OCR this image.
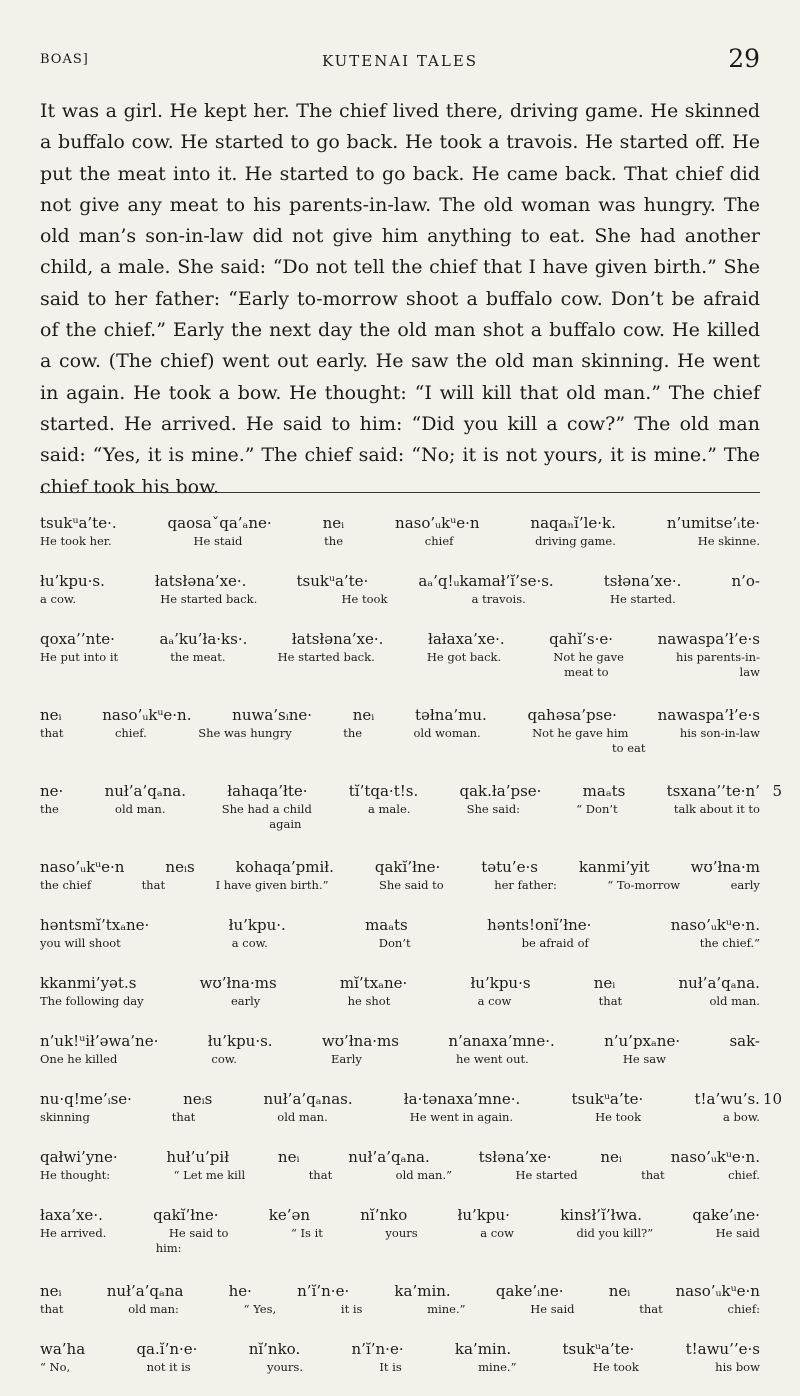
BOAS]	KUTENAI TALES	29

It was a girl. He kept her. The chief lived there, driving game. He skinned a buffalo cow. He started to go back. He took a travois. He started off. He put the meat into it. He started to go back. He came back. That chief did not give any meat to his parents-in-law. The old woman was hungry. The old man’s son-in-law did not give him anything to eat. She had another child, a male. She said: “Do not tell the chief that I have given birth.” She said to her father: “Early to-morrow shoot a buffalo cow. Don’t be afraid of the chief.” Early the next day the old man shot a buffalo cow. He killed a cow. (The chief) went out early. He saw the old man skinning. He went in again. He took a bow. He thought: “I will kill that old man.” The chief started. He arrived. He said to him: “Did you kill a cow?” The old man said: “Yes, it is mine.” The chief said: “No; it is not yours, it is mine.” The chief took his bow.

tsukᵘa’te·.	qaosaˇqa’ₐne·	neᵢ	naso’ᵤkᵘe·n	naqaₙĭ’le·k.	n’umitse’ᵢte·
He took her.	He staid	the	chief	driving game.	He skinne.
łu’kpu·s.	łatsłəna’xe·.	tsukᵘa’te·	aₐ’q!ᵤkamał’ĭ’se·s.	tsłəna’xe·.	n’o-
a cow.	He started back.	He took	a travois.	He started.
qoxa’’nte·	aₐ’ku’ła·ks·.	łatsłəna’xe·.	łałaxa’xe·.	qahĭ’s·e·	nawaspa’ł’e·s
He put into it	the meat.	He started back.	He got back.	Not he gave	his parents-in-
meat to	law
neᵢ	naso’ᵤkᵘe·n.	nuwa’sᵢne·	neᵢ	təłna’mu.	qahəsa’pse·	nawaspa’ł’e·s
that	chief.	She was hungry	the	old woman.	Not he gave him	his son-in-law
to eat
ne·	nuł’a’qₐna.	łahaqa’łte·	tĭ’tqa·t!s.	qak.ła’pse·	maₐts	tsxana’’te·n’
the	old man.	She had a child	a male.	She said:	“ Don’t	talk about it to
again
5
naso’ᵤkᵘe·n	neᵢs	kohaqa’pmił.	qakĭ’łne·	tətu’e·s	kanmi’yit	wʊ’łna·m
the chief	that	I have given birth.”	She said to	her father:	“ To-morrow	early
həntsmĭ’txₐne·	łu’kpu·.	maₐts	hənts!onĭ’łne·	naso’ᵤkᵘe·n.
you will shoot	a cow.	Don’t	be afraid of	the chief.”
kkanmi’yət.s	wʊ’łna·ms	mĭ’txₐne·	łu’kpu·s	neᵢ	nuł’a’qₐna.
The following day	early	he shot	a cow	that	old man.
n’uk!ᵘił’əwa’ne·	łu’kpu·s.	wʊ’łna·ms	n’anaxa’mne·.	n’u’pxₐne·	sak-
One he killed	cow.	Early	he went out.	He saw
nu·q!me’ᵢse·	neᵢs	nuł’a’qₐnas.	ła·tənaxa’mne·.	tsukᵘa’te·	t!a’wu’s.
skinning	that	old man.	He went in again.	He took	a bow.
10
qałwi’yne·	huł’u’pił	neᵢ	nuł’a’qₐna.	tsłəna’xe·	neᵢ	naso’ᵤkᵘe·n.
He thought:	“ Let me kill	that	old man.”	He started	that	chief.
łaxa’xe·.	qakĭ’łne·	ke’ən	nĭ’nko	łu’kpu·	kinsł’ĭ’łwa.	qake’ᵢne·
He arrived.	He said to	“ Is it	yours	a cow	did you kill?”	He said
him:
neᵢ	nuł’a’qₐna	he·	n’ĭ’n·e·	ka’min.	qake’ᵢne·	neᵢ	naso’ᵤkᵘe·n
that	old man:	“ Yes,	it is	mine.”	He said	that	chief:
wa’ha	qa.ĭ’n·e·	nĭ’nko.	n’ĭ’n·e·	ka’min.	tsukᵘa’te·	t!awu’’e·s
“ No,	not it is	yours.	It is	mine.”	He took	his bow
